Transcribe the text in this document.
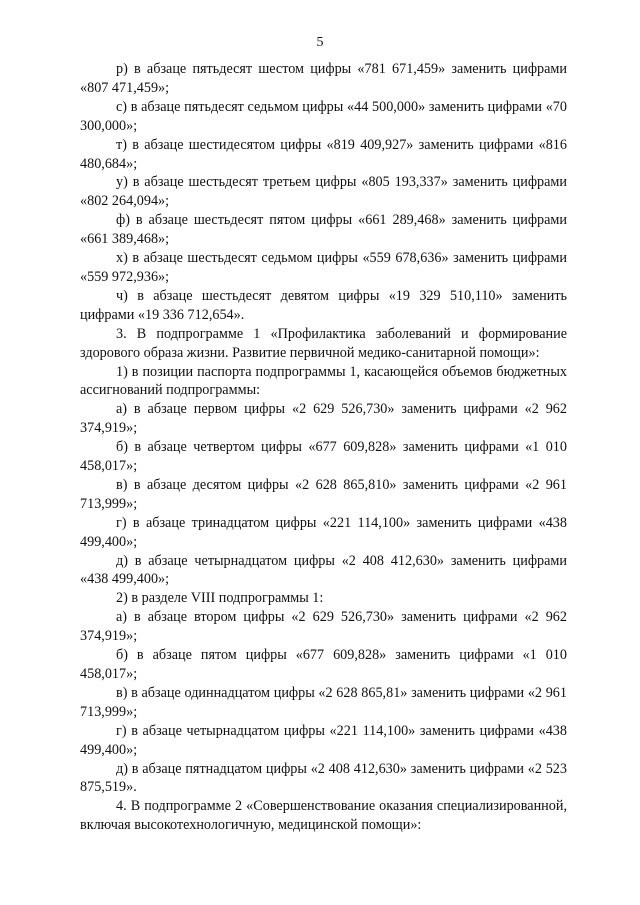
5

р) в абзаце пятьдесят шестом цифры «781 671,459» заменить цифрами «807 471,459»;

с) в абзаце пятьдесят седьмом цифры «44 500,000» заменить цифрами «70 300,000»;

т) в абзаце шестидесятом цифры «819 409,927» заменить цифрами «816 480,684»;

у) в абзаце шестьдесят третьем цифры «805 193,337» заменить цифрами «802 264,094»;

ф) в абзаце шестьдесят пятом цифры «661 289,468» заменить цифрами «661 389,468»;

х) в абзаце шестьдесят седьмом цифры «559 678,636» заменить цифрами «559 972,936»;

ч) в абзаце шестьдесят девятом цифры «19 329 510,110» заменить цифрами «19 336 712,654».

3. В подпрограмме 1 «Профилактика заболеваний и формирование здорового образа жизни. Развитие первичной медико-санитарной помощи»:

1) в позиции паспорта подпрограммы 1, касающейся объемов бюджетных ассигнований подпрограммы:

а) в абзаце первом цифры «2 629 526,730» заменить цифрами «2 962 374,919»;

б) в абзаце четвертом цифры «677 609,828» заменить цифрами «1 010 458,017»;

в) в абзаце десятом цифры «2 628 865,810» заменить цифрами «2 961 713,999»;

г) в абзаце тринадцатом цифры «221 114,100» заменить цифрами «438 499,400»;

д) в абзаце четырнадцатом цифры «2 408 412,630» заменить цифрами «438 499,400»;

2) в разделе VIII подпрограммы 1:

а) в абзаце втором цифры «2 629 526,730» заменить цифрами «2 962 374,919»;

б) в абзаце пятом цифры «677 609,828» заменить цифрами «1 010 458,017»;

в) в абзаце одиннадцатом цифры «2 628 865,81» заменить цифрами «2 961 713,999»;

г) в абзаце четырнадцатом цифры «221 114,100» заменить цифрами «438 499,400»;

д) в абзаце пятнадцатом цифры «2 408 412,630» заменить цифрами «2 523 875,519».

4. В подпрограмме 2 «Совершенствование оказания специализированной, включая высокотехнологичную, медицинской помощи»:
